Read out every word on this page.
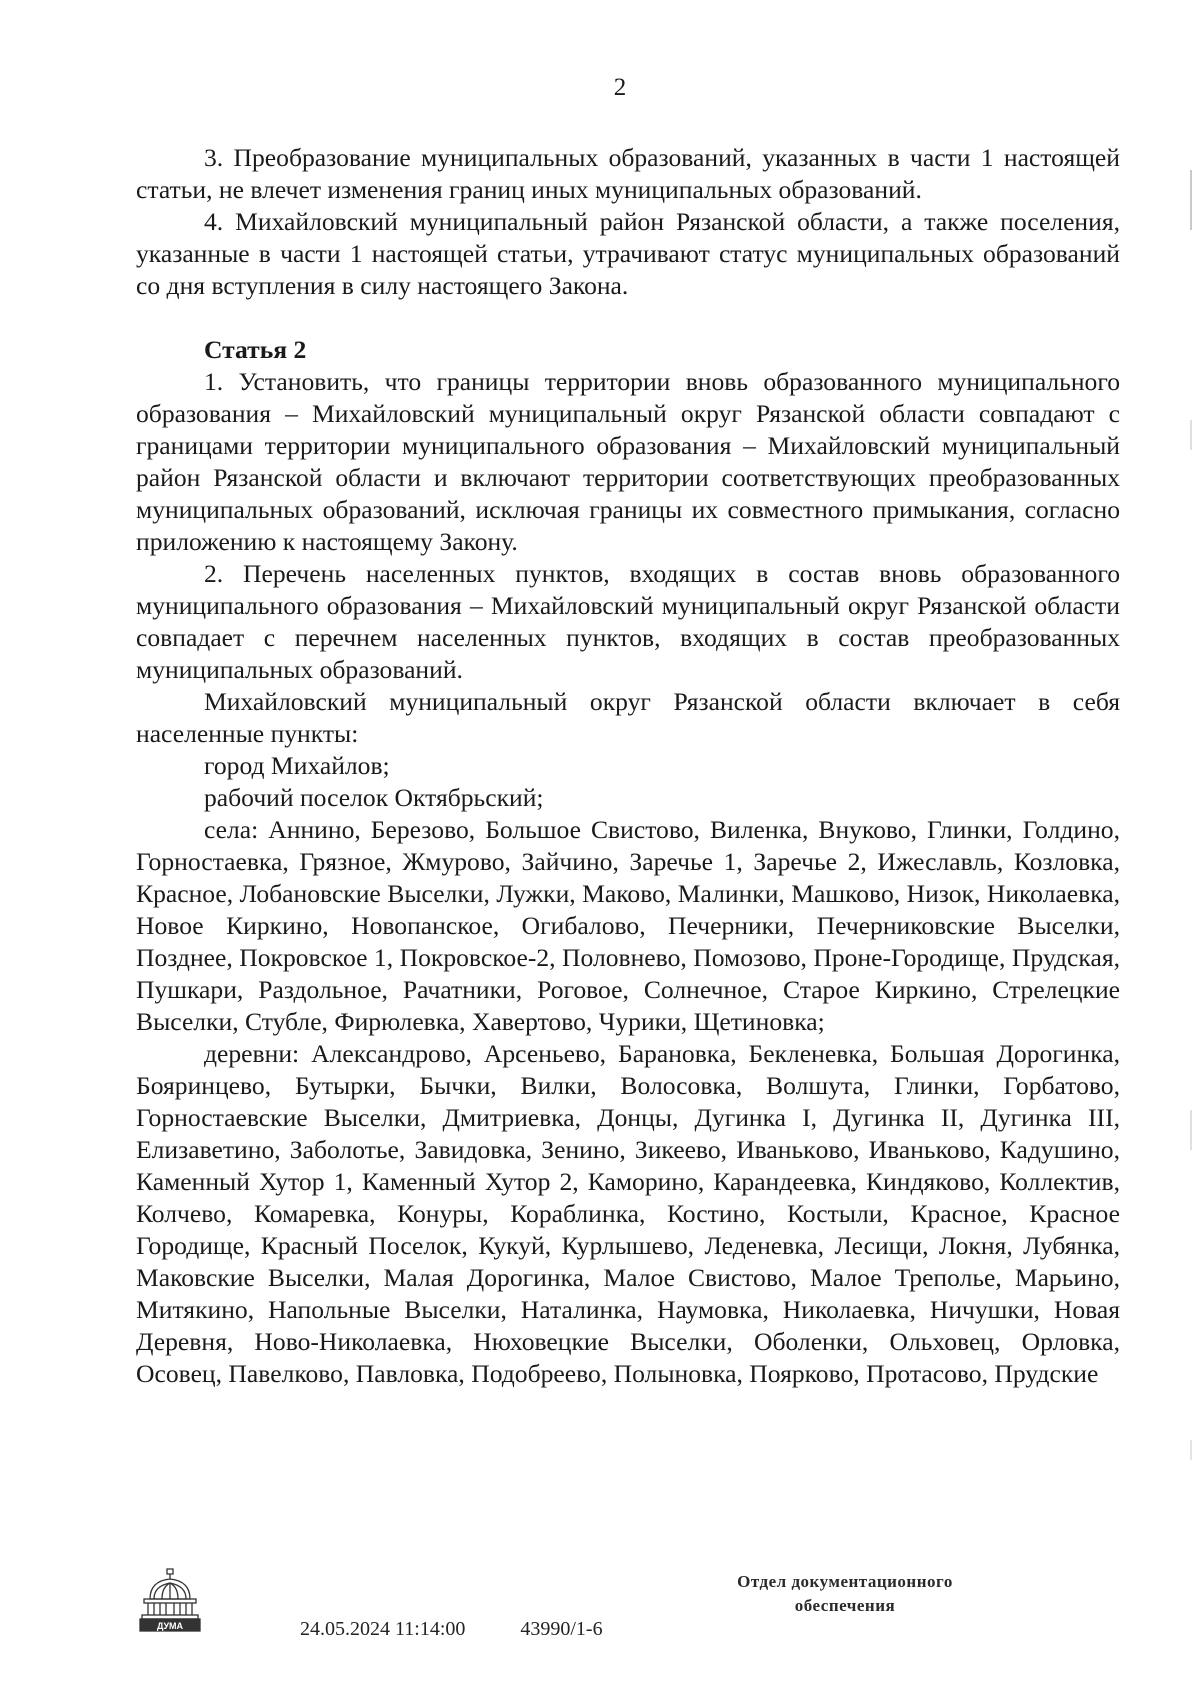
2

3. Преобразование муниципальных образований, указанных в части 1 настоящей статьи, не влечет изменения границ иных муниципальных образований.

4. Михайловский муниципальный район Рязанской области, а также поселения, указанные в части 1 настоящей статьи, утрачивают статус муниципальных образований со дня вступления в силу настоящего Закона.

Статья 2

1. Установить, что границы территории вновь образованного муниципального образования – Михайловский муниципальный округ Рязанской области совпадают с границами территории муниципального образования – Михайловский муниципальный район Рязанской области и включают территории соответствующих преобразованных муниципальных образований, исключая границы их совместного примыкания, согласно приложению к настоящему Закону.

2. Перечень населенных пунктов, входящих в состав вновь образованного муниципального образования – Михайловский муниципальный округ Рязанской области совпадает с перечнем населенных пунктов, входящих в состав преобразованных муниципальных образований.

Михайловский муниципальный округ Рязанской области включает в себя населенные пункты:

город Михайлов;

рабочий поселок Октябрьский;

села: Аннино, Березово, Большое Свистово, Виленка, Внуково, Глинки, Голдино, Горностаевка, Грязное, Жмурово, Зайчино, Заречье 1, Заречье 2, Ижеславль, Козловка, Красное, Лобановские Выселки, Лужки, Маково, Малинки, Машково, Низок, Николаевка, Новое Киркино, Новопанское, Огибалово, Печерники, Печерниковские Выселки, Позднее, Покровское 1, Покровское-2, Половнево, Помозово, Проне-Городище, Прудская, Пушкари, Раздольное, Рачатники, Роговое, Солнечное, Старое Киркино, Стрелецкие Выселки, Стубле, Фирюлевка, Хавертово, Чурики, Щетиновка;

деревни: Александрово, Арсеньево, Барановка, Бекленевка, Большая Дорогинка, Бояринцево, Бутырки, Бычки, Вилки, Волосовка, Волшута, Глинки, Горбатово, Горностаевские Выселки, Дмитриевка, Донцы, Дугинка I, Дугинка II, Дугинка III, Елизаветино, Заболотье, Завидовка, Зенино, Зикеево, Иванькoво, Иваньково, Кадушино, Каменный Хутор 1, Каменный Хутор 2, Каморино, Карандеевка, Киндяково, Коллектив, Колчево, Комаревка, Конуры, Кораблинка, Костино, Костыли, Красное, Красное Городище, Красный Поселок, Кукуй, Курлышево, Леденевка, Лесищи, Локня, Лубянка, Маковские Выселки, Малая Дорогинка, Малое Свистово, Малое Треполье, Марьино, Митякино, Напольные Выселки, Наталинка, Наумовка, Николаевка, Ничушки, Новая Деревня, Ново-Николаевка, Нюховецкие Выселки, Оболенки, Ольховец, Орловка, Осовец, Павелково, Павловка, Подобреево, Полыновка, Поярково, Протасово, Прудские

ДУМА	24.05.2024 11:14:00	43990/1-6
Отдел документационного
обеспечения
